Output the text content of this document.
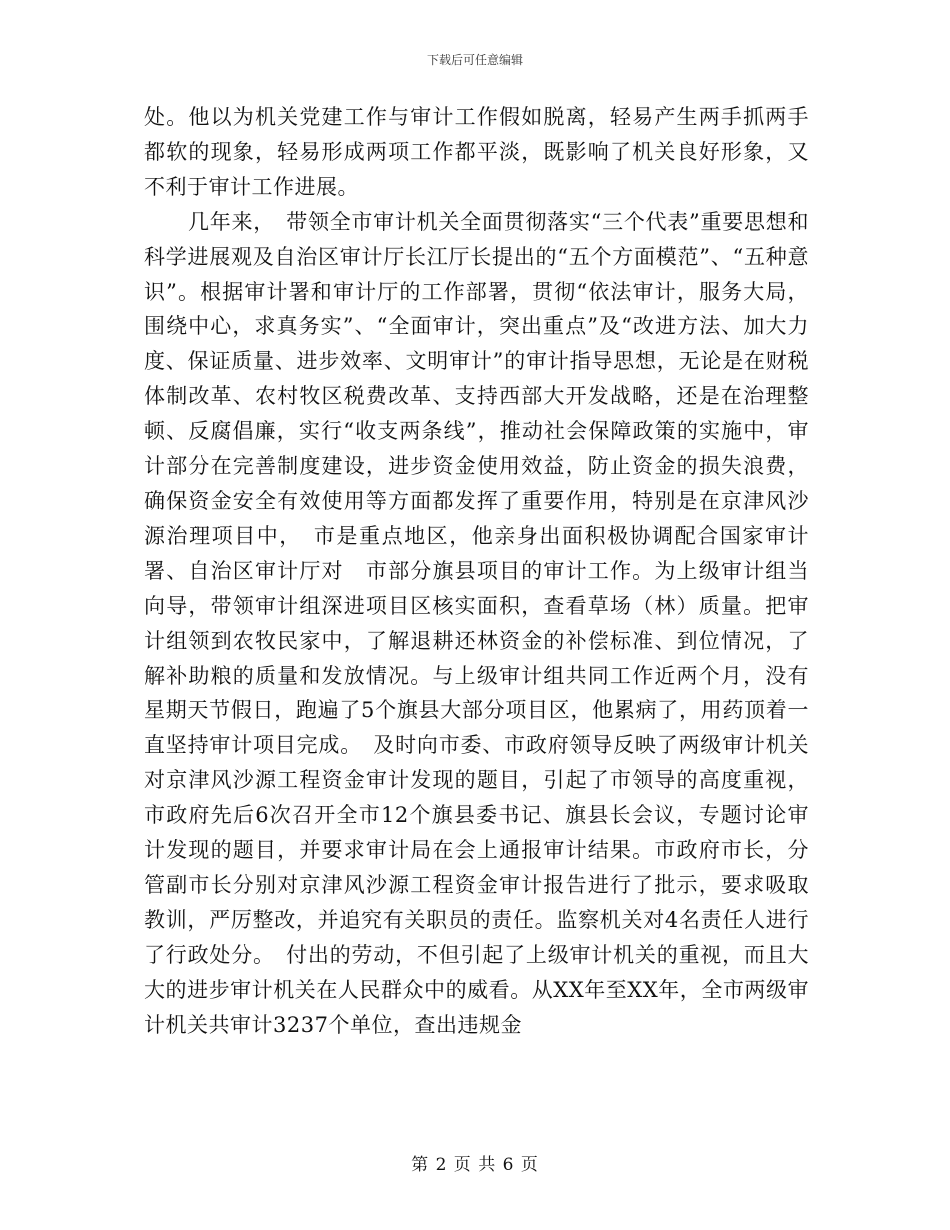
下载后可任意编辑

处。他以为机关党建工作与审计工作假如脱离，轻易产生两手抓两手都软的现象，轻易形成两项工作都平淡，既影响了机关良好形象，又不利于审计工作进展。

几年来，　带领全市审计机关全面贯彻落实“三个代表”重要思想和科学进展观及自治区审计厅长江厅长提出的“五个方面模范”、“五种意识”。根据审计署和审计厅的工作部署，贯彻“依法审计，服务大局，围绕中心，求真务实”、“全面审计，突出重点”及“改进方法、加大力度、保证质量、进步效率、文明审计”的审计指导思想，无论是在财税体制改革、农村牧区税费改革、支持西部大开发战略，还是在治理整顿、反腐倡廉，实行“收支两条线”，推动社会保障政策的实施中，审计部分在完善制度建设，进步资金使用效益，防止资金的损失浪费，确保资金安全有效使用等方面都发挥了重要作用，特别是在京津风沙源治理项目中，　市是重点地区，他亲身出面积极协调配合国家审计署、自治区审计厅对　市部分旗县项目的审计工作。为上级审计组当向导，带领审计组深进项目区核实面积，查看草场（林）质量。把审计组领到农牧民家中，了解退耕还林资金的补偿标准、到位情况，了解补助粮的质量和发放情况。与上级审计组共同工作近两个月，没有星期天节假日，跑遍了5个旗县大部分项目区，他累病了，用药顶着一直坚持审计项目完成。　及时向市委、市政府领导反映了两级审计机关对京津风沙源工程资金审计发现的题目，引起了市领导的高度重视，市政府先后6次召开全市12个旗县委书记、旗县长会议，专题讨论审计发现的题目，并要求审计局在会上通报审计结果。市政府市长，分管副市长分别对京津风沙源工程资金审计报告进行了批示，要求吸取教训，严厉整改，并追究有关职员的责任。监察机关对4名责任人进行了行政处分。　付出的劳动，不但引起了上级审计机关的重视，而且大大的进步审计机关在人民群众中的威看。从XX年至XX年，全市两级审计机关共审计3237个单位，查出违规金

第 2 页 共 6 页
